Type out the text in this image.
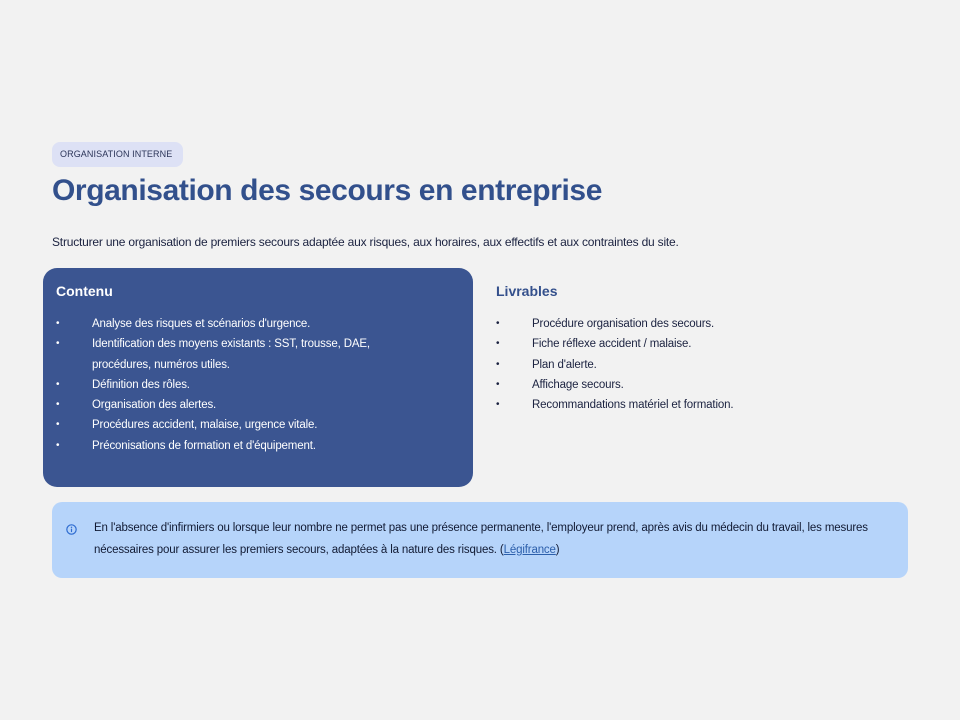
ORGANISATION INTERNE
Organisation des secours en entreprise

Structurer une organisation de premiers secours adaptée aux risques, aux horaires, aux effectifs et aux contraintes du site.

Contenu
•	Analyse des risques et scénarios d'urgence.
•	Identification des moyens existants : SST, trousse, DAE, procédures, numéros utiles.
•	Définition des rôles.
•	Organisation des alertes.
•	Procédures accident, malaise, urgence vitale.
•	Préconisations de formation et d'équipement.
Livrables
•	Procédure organisation des secours.
•	Fiche réflexe accident / malaise.
•	Plan d'alerte.
•	Affichage secours.
•	Recommandations matériel et formation.

En l'absence d'infirmiers ou lorsque leur nombre ne permet pas une présence permanente, l'employeur prend, après avis du médecin du travail, les mesures nécessaires pour assurer les premiers secours, adaptées à la nature des risques. (Légifrance)
